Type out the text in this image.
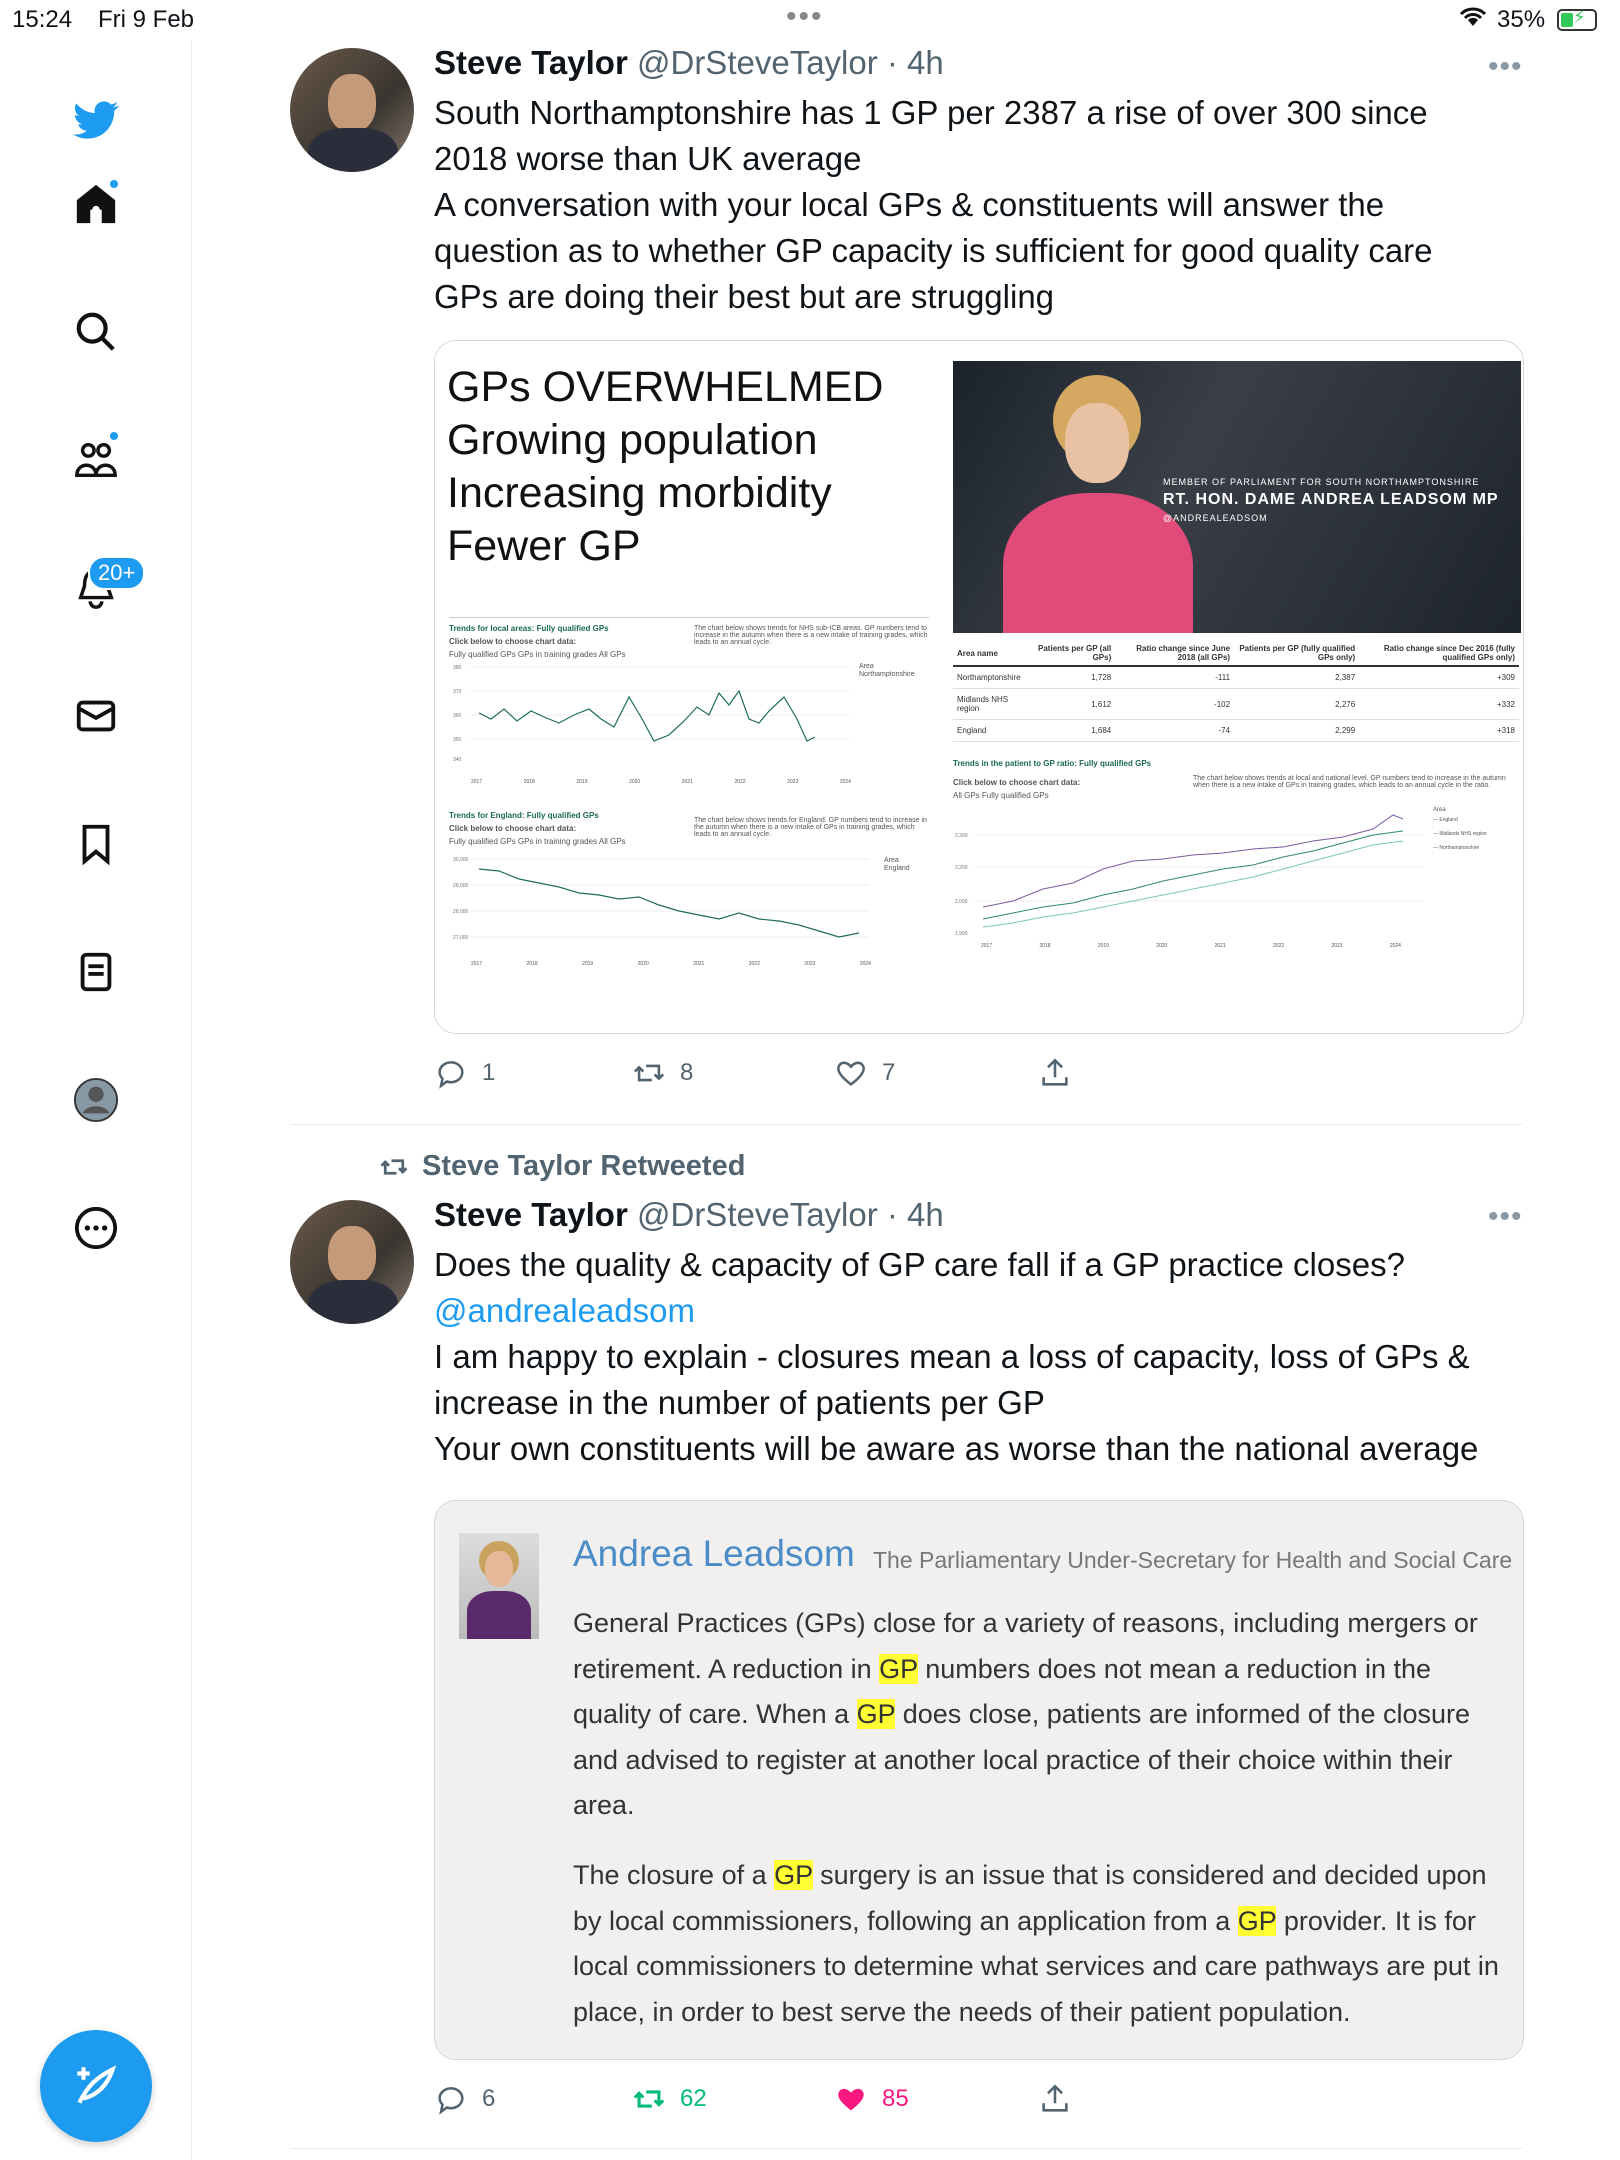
15:24 Fri 9 Feb	•••	35% ⚡
20+
Steve Taylor @DrSteveTaylor · 4h	•••
South Northamptonshire has 1 GP per 2387 a rise of over 300 since
2018 worse than UK average
A conversation with your local GPs & constituents will answer the
question as to whether GP capacity is sufficient for good quality care
GPs are doing their best but are struggling
GPs OVERWHELMED
Growing population
Increasing morbidity
Fewer GP
Trends for local areas: Fully qualified GPs
Click below to choose chart data:
Fully qualified GPs GPs in training grades All GPs
The chart below shows trends for NHS sub-ICB areas. GP numbers tend to increase in the autumn when there is a new intake of training grades, which leads to an annual cycle.
Area
Northamptonshire
380
370
360
350
340
2017	2018	2019	2020	2021	2022	2023	2024
Trends for England: Fully qualified GPs
Click below to choose chart data:
Fully qualified GPs GPs in training grades All GPs
The chart below shows trends for England. GP numbers tend to increase in the autumn when there is a new intake of GPs in training grades, which leads to an annual cycle.
Area
England
30,000
29,000
28,000
27,000
2017	2018	2019	2020	2021	2022	2023	2024
MEMBER OF PARLIAMENT FOR SOUTH NORTHAMPTONSHIRE
RT. HON. DAME ANDREA LEADSOM MP
@ANDREALEADSOM
Area name	Patients per GP (all GPs)	Ratio change since June 2018 (all GPs)	Patients per GP (fully qualified GPs only)	Ratio change since Dec 2016 (fully qualified GPs only)
Northamptonshire	1,728	-111	2,387	+309
Midlands NHS region	1,612	-102	2,276	+332
England	1,684	-74	2,299	+318
Trends in the patient to GP ratio: Fully qualified GPs
Click below to choose chart data:
All GPs Fully qualified GPs
The chart below shows trends at local and national level. GP numbers tend to increase in the autumn when there is a new intake of GPs in training grades, which leads to an annual cycle in the ratio.
Area
— England
— Midlands NHS region
— Northamptonshire
2,300
2,200
2,000
1,900
2017	2018	2019	2020	2021	2022	2023	2024
1	8	7
Steve Taylor Retweeted
Steve Taylor @DrSteveTaylor · 4h	•••
Does the quality & capacity of GP care fall if a GP practice closes?
@andrealeadsom
I am happy to explain - closures mean a loss of capacity, loss of GPs &
increase in the number of patients per GP
Your own constituents will be aware as worse than the national average
Andrea Leadsom The Parliamentary Under-Secretary for Health and Social Care
General Practices (GPs) close for a variety of reasons, including mergers or retirement. A reduction in GP numbers does not mean a reduction in the quality of care. When a GP does close, patients are informed of the closure and advised to register at another local practice of their choice within their area.
The closure of a GP surgery is an issue that is considered and decided upon by local commissioners, following an application from a GP provider. It is for local commissioners to determine what services and care pathways are put in place, in order to best serve the needs of their patient population.
6	62	85
